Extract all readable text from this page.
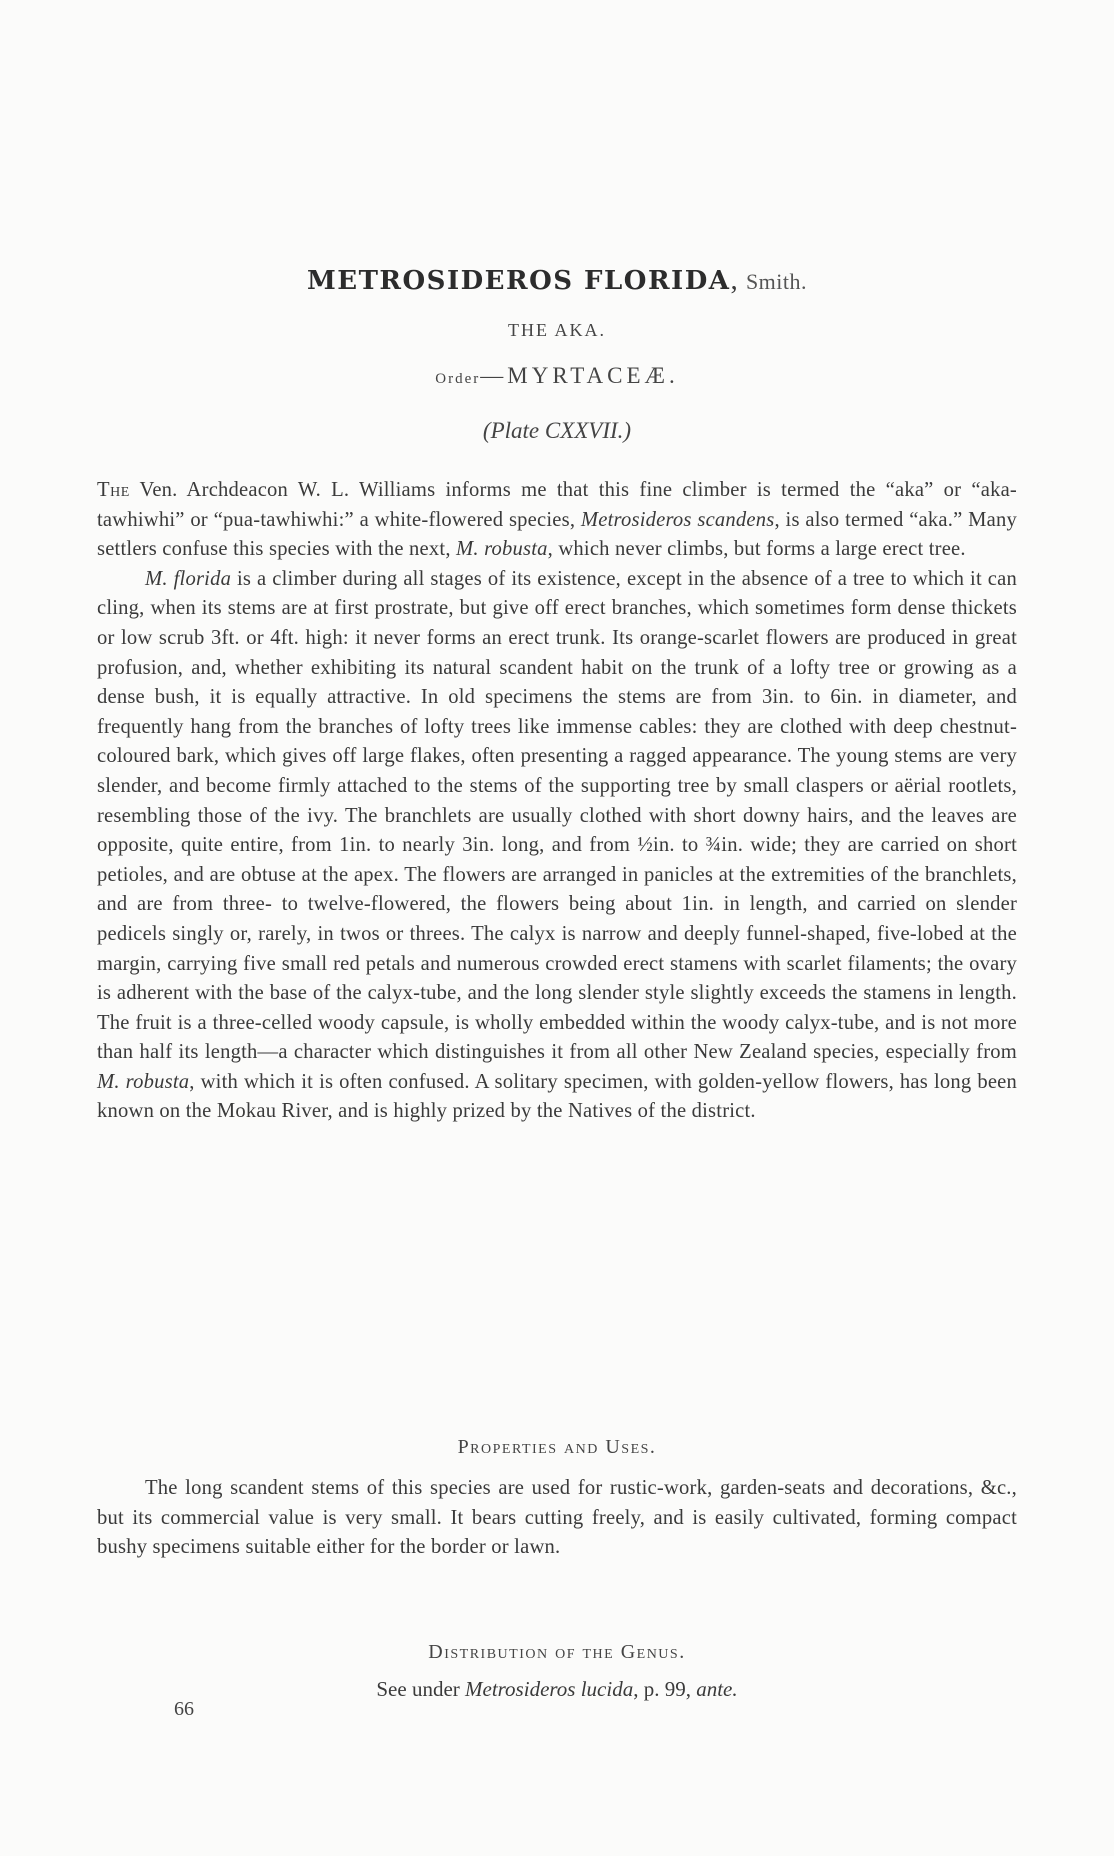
METROSIDEROS FLORIDA, Smith.
THE AKA.
Order—MYRTACEÆ.
(Plate CXXVII.)

The Ven. Archdeacon W. L. Williams informs me that this fine climber is termed the “aka” or “aka-tawhiwhi” or “pua-tawhiwhi:” a white-flowered species, Metrosideros scandens, is also termed “aka.” Many settlers confuse this species with the next, M. robusta, which never climbs, but forms a large erect tree.

M. florida is a climber during all stages of its existence, except in the absence of a tree to which it can cling, when its stems are at first prostrate, but give off erect branches, which sometimes form dense thickets or low scrub 3ft. or 4ft. high: it never forms an erect trunk. Its orange-scarlet flowers are produced in great profusion, and, whether exhibiting its natural scandent habit on the trunk of a lofty tree or growing as a dense bush, it is equally attractive. In old specimens the stems are from 3in. to 6in. in diameter, and frequently hang from the branches of lofty trees like immense cables: they are clothed with deep chestnut-coloured bark, which gives off large flakes, often presenting a ragged appearance. The young stems are very slender, and become firmly attached to the stems of the supporting tree by small claspers or aërial rootlets, resembling those of the ivy. The branchlets are usually clothed with short downy hairs, and the leaves are opposite, quite entire, from 1in. to nearly 3in. long, and from ½in. to ¾in. wide; they are carried on short petioles, and are obtuse at the apex. The flowers are arranged in panicles at the extremities of the branchlets, and are from three- to twelve-flowered, the flowers being about 1in. in length, and carried on slender pedicels singly or, rarely, in twos or threes. The calyx is narrow and deeply funnel-shaped, five-lobed at the margin, carrying five small red petals and numerous crowded erect stamens with scarlet filaments; the ovary is adherent with the base of the calyx-tube, and the long slender style slightly exceeds the stamens in length. The fruit is a three-celled woody capsule, is wholly embedded within the woody calyx-tube, and is not more than half its length—a character which distinguishes it from all other New Zealand species, especially from M. robusta, with which it is often confused. A solitary specimen, with golden-yellow flowers, has long been known on the Mokau River, and is highly prized by the Natives of the district.

Properties and Uses.

The long scandent stems of this species are used for rustic-work, garden-seats and decorations, &c., but its commercial value is very small. It bears cutting freely, and is easily cultivated, forming compact bushy specimens suitable either for the border or lawn.

Distribution of the Genus.
See under Metrosideros lucida, p. 99, ante.
66
